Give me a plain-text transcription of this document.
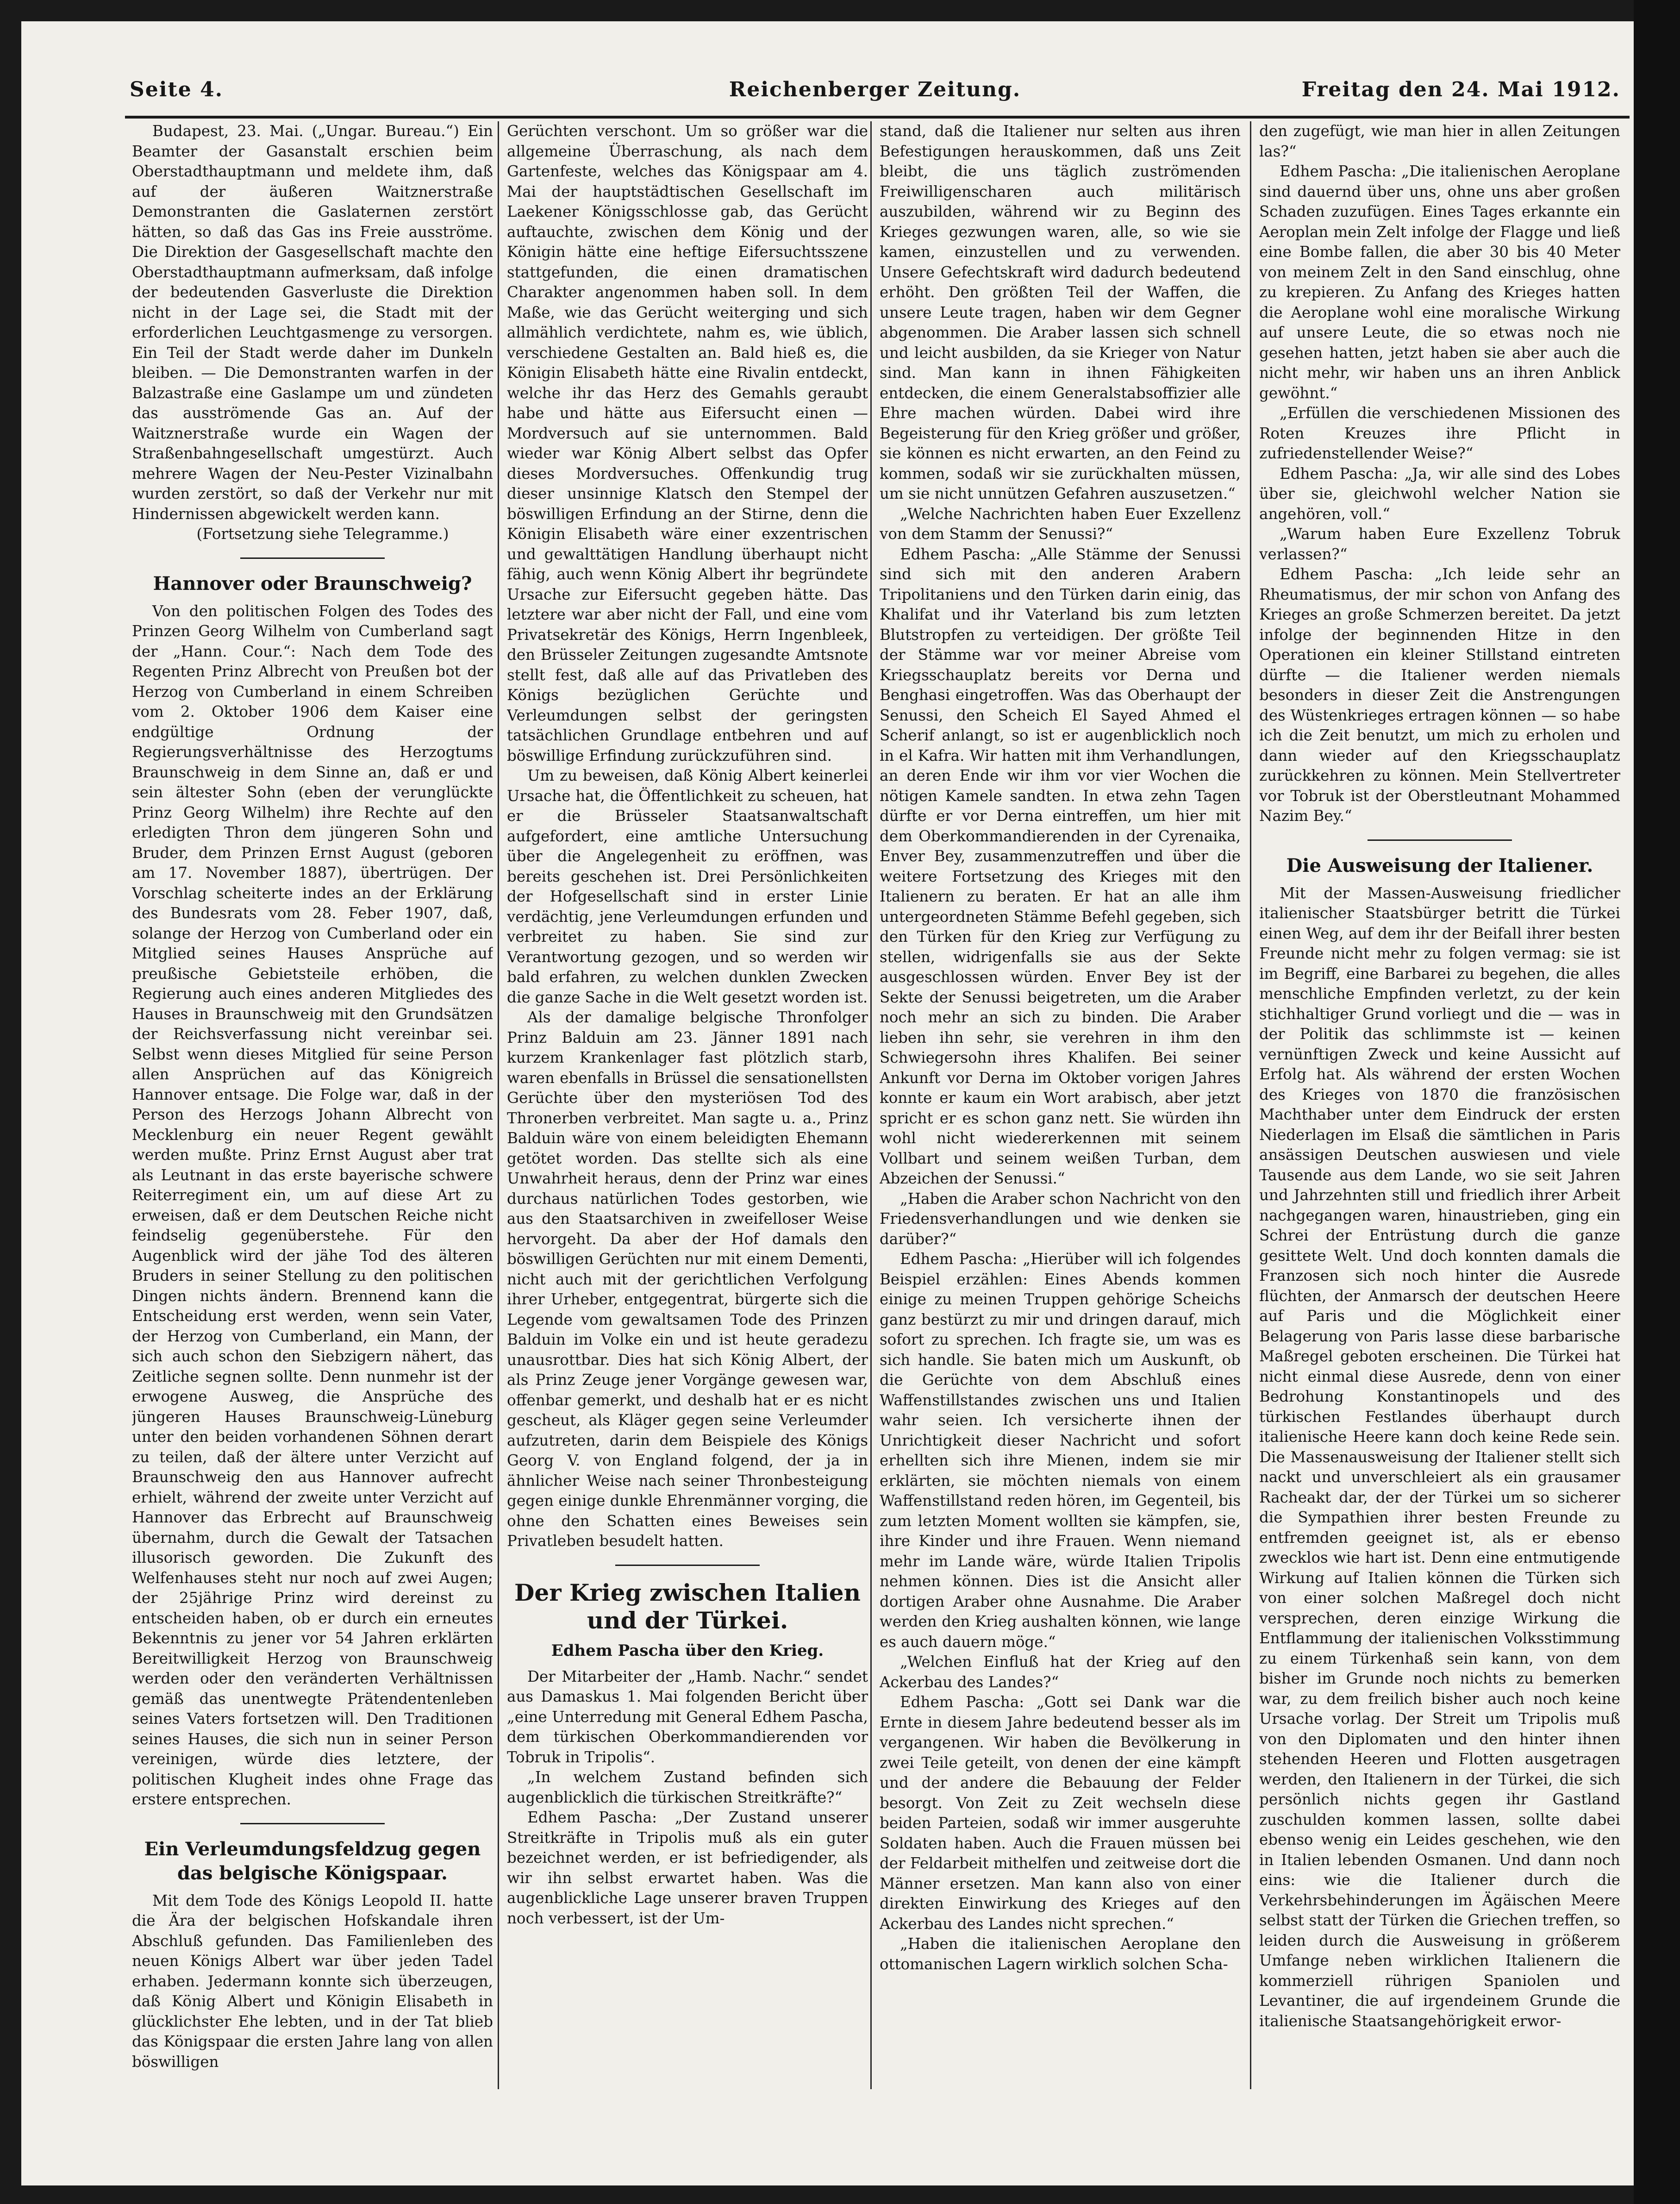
Seite 4.	Reichenberger Zeitung.	Freitag den 24. Mai 1912.

Budapest, 23. Mai. („Ungar. Bureau.“) Ein Beamter der Gasanstalt erschien beim Oberstadthauptmann und meldete ihm, daß auf der äußeren Waitznerstraße Demonstranten die Gaslaternen zerstört hätten, so daß das Gas ins Freie ausströme. Die Direktion der Gasgesellschaft machte den Oberstadthauptmann aufmerksam, daß infolge der bedeutenden Gasverluste die Direktion nicht in der Lage sei, die Stadt mit der erforderlichen Leuchtgasmenge zu versorgen. Ein Teil der Stadt werde daher im Dunkeln bleiben. — Die Demonstranten warfen in der Balzastraße eine Gaslampe um und zündeten das ausströmende Gas an. Auf der Waitznerstraße wurde ein Wagen der Straßenbahngesellschaft umgestürzt. Auch mehrere Wagen der Neu-Pester Vizinalbahn wurden zerstört, so daß der Verkehr nur mit Hindernissen abgewickelt werden kann.

(Fortsetzung siehe Telegramme.)

Hannover oder Braunschweig?

Von den politischen Folgen des Todes des Prinzen Georg Wilhelm von Cumberland sagt der „Hann. Cour.“: Nach dem Tode des Regenten Prinz Albrecht von Preußen bot der Herzog von Cumberland in einem Schreiben vom 2. Oktober 1906 dem Kaiser eine endgültige Ordnung der Regierungsverhältnisse des Herzogtums Braunschweig in dem Sinne an, daß er und sein ältester Sohn (eben der verunglückte Prinz Georg Wilhelm) ihre Rechte auf den erledigten Thron dem jüngeren Sohn und Bruder, dem Prinzen Ernst August (geboren am 17. November 1887), übertrügen. Der Vorschlag scheiterte indes an der Erklärung des Bundesrats vom 28. Feber 1907, daß, solange der Herzog von Cumberland oder ein Mitglied seines Hauses Ansprüche auf preußische Gebietsteile erhöben, die Regierung auch eines anderen Mitgliedes des Hauses in Braunschweig mit den Grundsätzen der Reichsverfassung nicht vereinbar sei. Selbst wenn dieses Mitglied für seine Person allen Ansprüchen auf das Königreich Hannover entsage. Die Folge war, daß in der Person des Herzogs Johann Albrecht von Mecklenburg ein neuer Regent gewählt werden mußte. Prinz Ernst August aber trat als Leutnant in das erste bayerische schwere Reiterregiment ein, um auf diese Art zu erweisen, daß er dem Deutschen Reiche nicht feindselig gegenüberstehe. Für den Augenblick wird der jähe Tod des älteren Bruders in seiner Stellung zu den politischen Dingen nichts ändern. Brennend kann die Entscheidung erst werden, wenn sein Vater, der Herzog von Cumberland, ein Mann, der sich auch schon den Siebzigern nähert, das Zeitliche segnen sollte. Denn nunmehr ist der erwogene Ausweg, die Ansprüche des jüngeren Hauses Braunschweig-Lüneburg unter den beiden vorhandenen Söhnen derart zu teilen, daß der ältere unter Verzicht auf Braunschweig den aus Hannover aufrecht erhielt, während der zweite unter Verzicht auf Hannover das Erbrecht auf Braunschweig übernahm, durch die Gewalt der Tatsachen illusorisch geworden. Die Zukunft des Welfenhauses steht nur noch auf zwei Augen; der 25jährige Prinz wird dereinst zu entscheiden haben, ob er durch ein erneutes Bekenntnis zu jener vor 54 Jahren erklärten Bereitwilligkeit Herzog von Braunschweig werden oder den veränderten Verhältnissen gemäß das unentwegte Prätendentenleben seines Vaters fortsetzen will. Den Traditionen seines Hauses, die sich nun in seiner Person vereinigen, würde dies letztere, der politischen Klugheit indes ohne Frage das erstere entsprechen.

Ein Verleumdungsfeldzug gegen das belgische Königspaar.

Mit dem Tode des Königs Leopold II. hatte die Ära der belgischen Hofskandale ihren Abschluß gefunden. Das Familienleben des neuen Königs Albert war über jeden Tadel erhaben. Jedermann konnte sich überzeugen, daß König Albert und Königin Elisabeth in glücklichster Ehe lebten, und in der Tat blieb das Königspaar die ersten Jahre lang von allen böswilligen

Gerüchten verschont. Um so größer war die allgemeine Überraschung, als nach dem Gartenfeste, welches das Königspaar am 4. Mai der hauptstädtischen Gesellschaft im Laekener Königsschlosse gab, das Gerücht auftauchte, zwischen dem König und der Königin hätte eine heftige Eifersuchtsszene stattgefunden, die einen dramatischen Charakter angenommen haben soll. In dem Maße, wie das Gerücht weiterging und sich allmählich verdichtete, nahm es, wie üblich, verschiedene Gestalten an. Bald hieß es, die Königin Elisabeth hätte eine Rivalin entdeckt, welche ihr das Herz des Gemahls geraubt habe und hätte aus Eifersucht einen — Mordversuch auf sie unternommen. Bald wieder war König Albert selbst das Opfer dieses Mordversuches. Offenkundig trug dieser unsinnige Klatsch den Stempel der böswilligen Erfindung an der Stirne, denn die Königin Elisabeth wäre einer exzentrischen und gewalttätigen Handlung überhaupt nicht fähig, auch wenn König Albert ihr begründete Ursache zur Eifersucht gegeben hätte. Das letztere war aber nicht der Fall, und eine vom Privatsekretär des Königs, Herrn Ingenbleek, den Brüsseler Zeitungen zugesandte Amtsnote stellt fest, daß alle auf das Privatleben des Königs bezüglichen Gerüchte und Verleumdungen selbst der geringsten tatsächlichen Grundlage entbehren und auf böswillige Erfindung zurückzuführen sind.

Um zu beweisen, daß König Albert keinerlei Ursache hat, die Öffentlichkeit zu scheuen, hat er die Brüsseler Staatsanwaltschaft aufgefordert, eine amtliche Untersuchung über die Angelegenheit zu eröffnen, was bereits geschehen ist. Drei Persönlichkeiten der Hofgesellschaft sind in erster Linie verdächtig, jene Verleumdungen erfunden und verbreitet zu haben. Sie sind zur Verantwortung gezogen, und so werden wir bald erfahren, zu welchen dunklen Zwecken die ganze Sache in die Welt gesetzt worden ist.

Als der damalige belgische Thronfolger Prinz Balduin am 23. Jänner 1891 nach kurzem Krankenlager fast plötzlich starb, waren ebenfalls in Brüssel die sensationellsten Gerüchte über den mysteriösen Tod des Thronerben verbreitet. Man sagte u. a., Prinz Balduin wäre von einem beleidigten Ehemann getötet worden. Das stellte sich als eine Unwahrheit heraus, denn der Prinz war eines durchaus natürlichen Todes gestorben, wie aus den Staatsarchiven in zweifelloser Weise hervorgeht. Da aber der Hof damals den böswilligen Gerüchten nur mit einem Dementi, nicht auch mit der gerichtlichen Verfolgung ihrer Urheber, entgegentrat, bürgerte sich die Legende vom gewaltsamen Tode des Prinzen Balduin im Volke ein und ist heute geradezu unausrottbar. Dies hat sich König Albert, der als Prinz Zeuge jener Vorgänge gewesen war, offenbar gemerkt, und deshalb hat er es nicht gescheut, als Kläger gegen seine Verleumder aufzutreten, darin dem Beispiele des Königs Georg V. von England folgend, der ja in ähnlicher Weise nach seiner Thronbesteigung gegen einige dunkle Ehrenmänner vorging, die ohne den Schatten eines Beweises sein Privatleben besudelt hatten.

Der Krieg zwischen Italien und der Türkei.
Edhem Pascha über den Krieg.

Der Mitarbeiter der „Hamb. Nachr.“ sendet aus Damaskus 1. Mai folgenden Bericht über „eine Unterredung mit General Edhem Pascha, dem türkischen Oberkommandierenden vor Tobruk in Tripolis“.

„In welchem Zustand befinden sich augenblicklich die türkischen Streitkräfte?“

Edhem Pascha: „Der Zustand unserer Streitkräfte in Tripolis muß als ein guter bezeichnet werden, er ist befriedigender, als wir ihn selbst erwartet haben. Was die augenblickliche Lage unserer braven Truppen noch verbessert, ist der Um-

stand, daß die Italiener nur selten aus ihren Befestigungen herauskommen, daß uns Zeit bleibt, die uns täglich zuströmenden Freiwilligenscharen auch militärisch auszubilden, während wir zu Beginn des Krieges gezwungen waren, alle, so wie sie kamen, einzustellen und zu verwenden. Unsere Gefechtskraft wird dadurch bedeutend erhöht. Den größten Teil der Waffen, die unsere Leute tragen, haben wir dem Gegner abgenommen. Die Araber lassen sich schnell und leicht ausbilden, da sie Krieger von Natur sind. Man kann in ihnen Fähigkeiten entdecken, die einem Generalstabsoffizier alle Ehre machen würden. Dabei wird ihre Begeisterung für den Krieg größer und größer, sie können es nicht erwarten, an den Feind zu kommen, sodaß wir sie zurückhalten müssen, um sie nicht unnützen Gefahren auszusetzen.“

„Welche Nachrichten haben Euer Exzellenz von dem Stamm der Senussi?“

Edhem Pascha: „Alle Stämme der Senussi sind sich mit den anderen Arabern Tripolitaniens und den Türken darin einig, das Khalifat und ihr Vaterland bis zum letzten Blutstropfen zu verteidigen. Der größte Teil der Stämme war vor meiner Abreise vom Kriegsschauplatz bereits vor Derna und Benghasi eingetroffen. Was das Oberhaupt der Senussi, den Scheich El Sayed Ahmed el Scherif anlangt, so ist er augenblicklich noch in el Kafra. Wir hatten mit ihm Verhandlungen, an deren Ende wir ihm vor vier Wochen die nötigen Kamele sandten. In etwa zehn Tagen dürfte er vor Derna eintreffen, um hier mit dem Oberkommandierenden in der Cyrenaika, Enver Bey, zusammenzutreffen und über die weitere Fortsetzung des Krieges mit den Italienern zu beraten. Er hat an alle ihm untergeordneten Stämme Befehl gegeben, sich den Türken für den Krieg zur Verfügung zu stellen, widrigenfalls sie aus der Sekte ausgeschlossen würden. Enver Bey ist der Sekte der Senussi beigetreten, um die Araber noch mehr an sich zu binden. Die Araber lieben ihn sehr, sie verehren in ihm den Schwiegersohn ihres Khalifen. Bei seiner Ankunft vor Derna im Oktober vorigen Jahres konnte er kaum ein Wort arabisch, aber jetzt spricht er es schon ganz nett. Sie würden ihn wohl nicht wiedererkennen mit seinem Vollbart und seinem weißen Turban, dem Abzeichen der Senussi.“

„Haben die Araber schon Nachricht von den Friedensverhandlungen und wie denken sie darüber?“

Edhem Pascha: „Hierüber will ich folgendes Beispiel erzählen: Eines Abends kommen einige zu meinen Truppen gehörige Scheichs ganz bestürzt zu mir und dringen darauf, mich sofort zu sprechen. Ich fragte sie, um was es sich handle. Sie baten mich um Auskunft, ob die Gerüchte von dem Abschluß eines Waffenstillstandes zwischen uns und Italien wahr seien. Ich versicherte ihnen der Unrichtigkeit dieser Nachricht und sofort erhellten sich ihre Mienen, indem sie mir erklärten, sie möchten niemals von einem Waffenstillstand reden hören, im Gegenteil, bis zum letzten Moment wollten sie kämpfen, sie, ihre Kinder und ihre Frauen. Wenn niemand mehr im Lande wäre, würde Italien Tripolis nehmen können. Dies ist die Ansicht aller dortigen Araber ohne Ausnahme. Die Araber werden den Krieg aushalten können, wie lange es auch dauern möge.“

„Welchen Einfluß hat der Krieg auf den Ackerbau des Landes?“

Edhem Pascha: „Gott sei Dank war die Ernte in diesem Jahre bedeutend besser als im vergangenen. Wir haben die Bevölkerung in zwei Teile geteilt, von denen der eine kämpft und der andere die Bebauung der Felder besorgt. Von Zeit zu Zeit wechseln diese beiden Parteien, sodaß wir immer ausgeruhte Soldaten haben. Auch die Frauen müssen bei der Feldarbeit mithelfen und zeitweise dort die Männer ersetzen. Man kann also von einer direkten Einwirkung des Krieges auf den Ackerbau des Landes nicht sprechen.“

„Haben die italienischen Aeroplane den ottomanischen Lagern wirklich solchen Scha-

den zugefügt, wie man hier in allen Zeitungen las?“

Edhem Pascha: „Die italienischen Aeroplane sind dauernd über uns, ohne uns aber großen Schaden zuzufügen. Eines Tages erkannte ein Aeroplan mein Zelt infolge der Flagge und ließ eine Bombe fallen, die aber 30 bis 40 Meter von meinem Zelt in den Sand einschlug, ohne zu krepieren. Zu Anfang des Krieges hatten die Aeroplane wohl eine moralische Wirkung auf unsere Leute, die so etwas noch nie gesehen hatten, jetzt haben sie aber auch die nicht mehr, wir haben uns an ihren Anblick gewöhnt.“

„Erfüllen die verschiedenen Missionen des Roten Kreuzes ihre Pflicht in zufriedenstellender Weise?“

Edhem Pascha: „Ja, wir alle sind des Lobes über sie, gleichwohl welcher Nation sie angehören, voll.“

„Warum haben Eure Exzellenz Tobruk verlassen?“

Edhem Pascha: „Ich leide sehr an Rheumatismus, der mir schon von Anfang des Krieges an große Schmerzen bereitet. Da jetzt infolge der beginnenden Hitze in den Operationen ein kleiner Stillstand eintreten dürfte — die Italiener werden niemals besonders in dieser Zeit die Anstrengungen des Wüstenkrieges ertragen können — so habe ich die Zeit benutzt, um mich zu erholen und dann wieder auf den Kriegsschauplatz zurückkehren zu können. Mein Stellvertreter vor Tobruk ist der Oberstleutnant Mohammed Nazim Bey.“

Die Ausweisung der Italiener.

Mit der Massen-Ausweisung friedlicher italienischer Staatsbürger betritt die Türkei einen Weg, auf dem ihr der Beifall ihrer besten Freunde nicht mehr zu folgen vermag: sie ist im Begriff, eine Barbarei zu begehen, die alles menschliche Empfinden verletzt, zu der kein stichhaltiger Grund vorliegt und die — was in der Politik das schlimmste ist — keinen vernünftigen Zweck und keine Aussicht auf Erfolg hat. Als während der ersten Wochen des Krieges von 1870 die französischen Machthaber unter dem Eindruck der ersten Niederlagen im Elsaß die sämtlichen in Paris ansässigen Deutschen auswiesen und viele Tausende aus dem Lande, wo sie seit Jahren und Jahrzehnten still und friedlich ihrer Arbeit nachgegangen waren, hinaustrieben, ging ein Schrei der Entrüstung durch die ganze gesittete Welt. Und doch konnten damals die Franzosen sich noch hinter die Ausrede flüchten, der Anmarsch der deutschen Heere auf Paris und die Möglichkeit einer Belagerung von Paris lasse diese barbarische Maßregel geboten erscheinen. Die Türkei hat nicht einmal diese Ausrede, denn von einer Bedrohung Konstantinopels und des türkischen Festlandes überhaupt durch italienische Heere kann doch keine Rede sein. Die Massenausweisung der Italiener stellt sich nackt und unverschleiert als ein grausamer Racheakt dar, der der Türkei um so sicherer die Sympathien ihrer besten Freunde zu entfremden geeignet ist, als er ebenso zwecklos wie hart ist. Denn eine entmutigende Wirkung auf Italien können die Türken sich von einer solchen Maßregel doch nicht versprechen, deren einzige Wirkung die Entflammung der italienischen Volksstimmung zu einem Türkenhaß sein kann, von dem bisher im Grunde noch nichts zu bemerken war, zu dem freilich bisher auch noch keine Ursache vorlag. Der Streit um Tripolis muß von den Diplomaten und den hinter ihnen stehenden Heeren und Flotten ausgetragen werden, den Italienern in der Türkei, die sich persönlich nichts gegen ihr Gastland zuschulden kommen lassen, sollte dabei ebenso wenig ein Leides geschehen, wie den in Italien lebenden Osmanen. Und dann noch eins: wie die Italiener durch die Verkehrsbehinderungen im Ägäischen Meere selbst statt der Türken die Griechen treffen, so leiden durch die Ausweisung in größerem Umfange neben wirklichen Italienern die kommerziell rührigen Spaniolen und Levantiner, die auf irgendeinem Grunde die italienische Staatsangehörigkeit erwor-
